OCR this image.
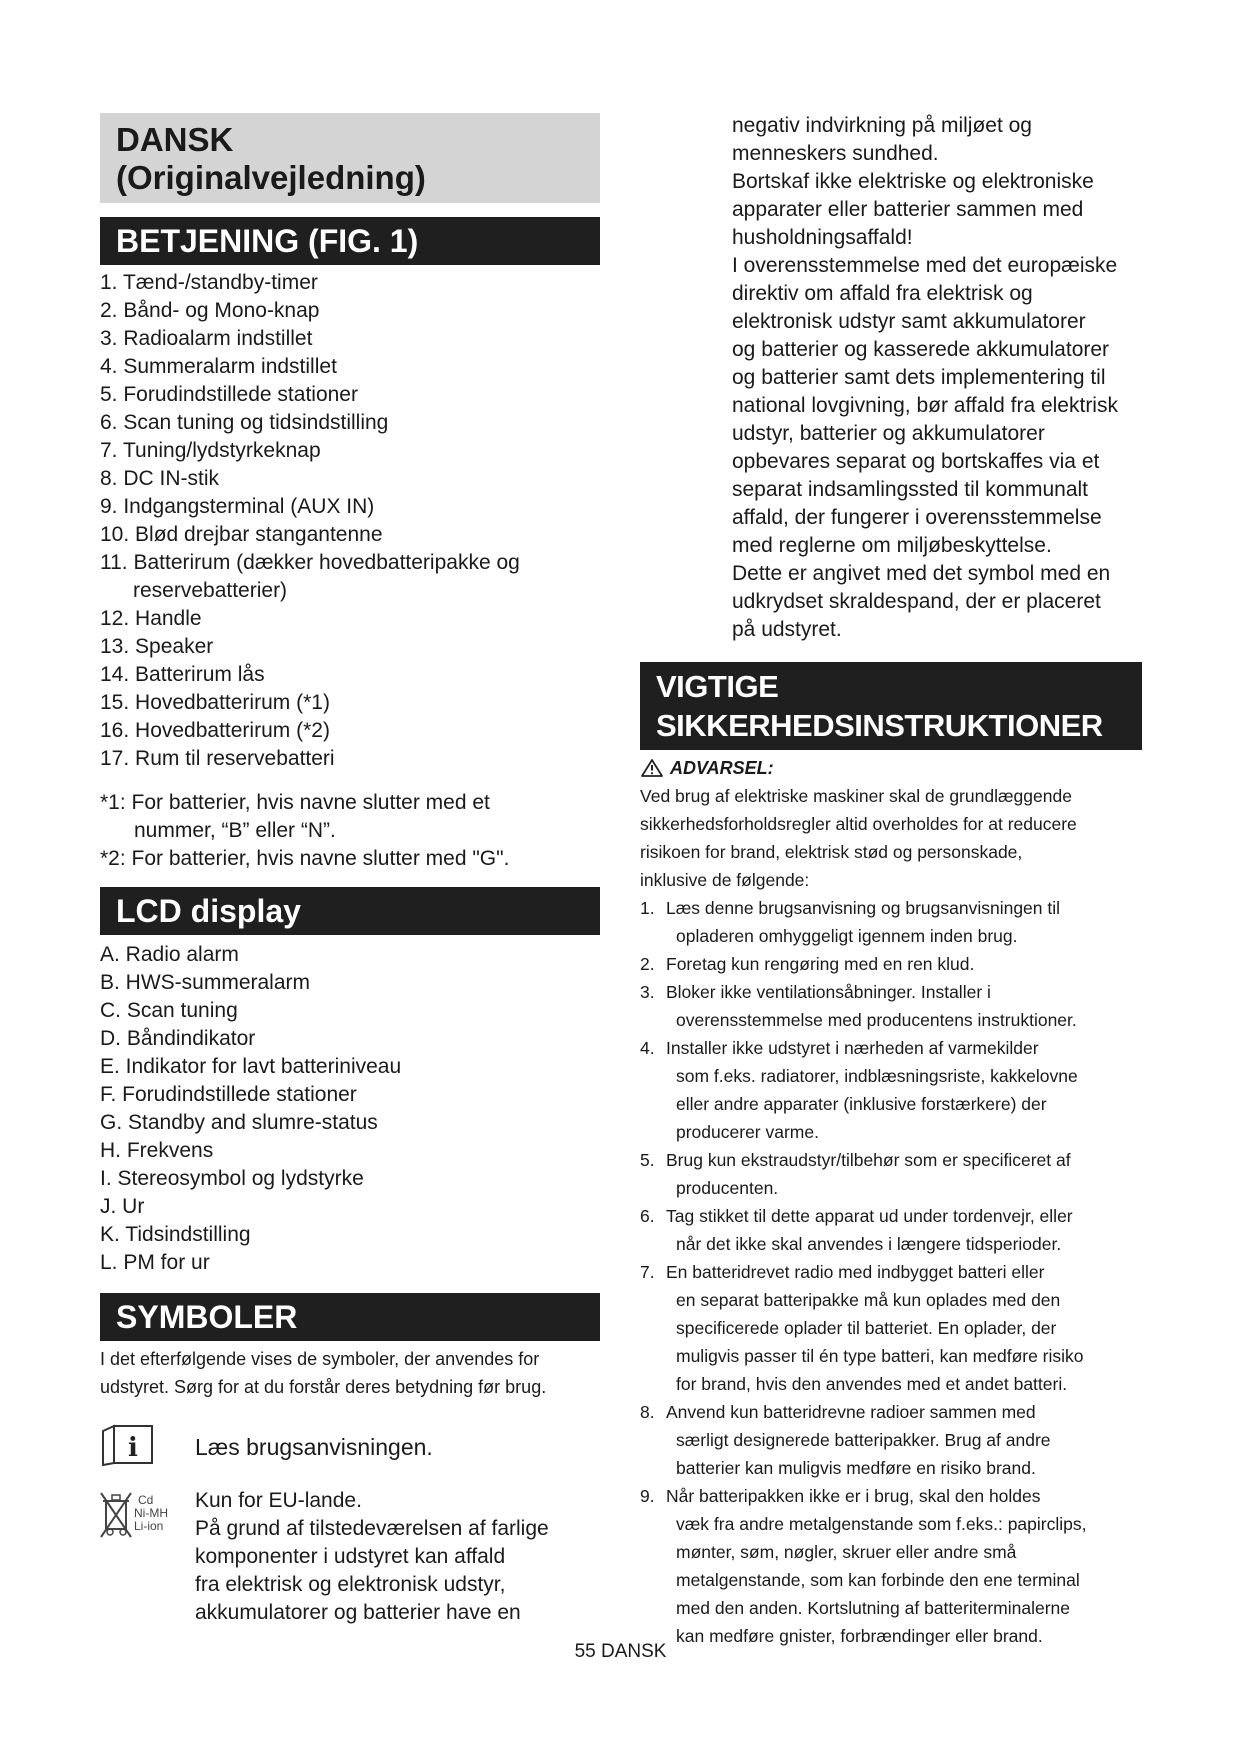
DANSK
(Originalvejledning)
BETJENING (FIG. 1)
1. Tænd-/standby-timer
2. Bånd- og Mono-knap
3. Radioalarm indstillet
4. Summeralarm indstillet
5. Forudindstillede stationer
6. Scan tuning og tidsindstilling
7. Tuning/lydstyrkeknap
8. DC IN-stik
9. Indgangsterminal (AUX IN)
10. Blød drejbar stangantenne
11. Batterirum (dækker hovedbatteripakke og
reservebatterier)
12. Handle
13. Speaker
14. Batterirum lås
15. Hovedbatterirum (*1)
16. Hovedbatterirum (*2)
17. Rum til reservebatteri
*1: For batterier, hvis navne slutter med et
nummer, “B” eller “N”.
*2: For batterier, hvis navne slutter med "G".
LCD display
A. Radio alarm
B. HWS-summeralarm
C. Scan tuning
D. Båndindikator
E. Indikator for lavt batteriniveau
F. Forudindstillede stationer
G. Standby and slumre-status
H. Frekvens
I. Stereosymbol og lydstyrke
J. Ur
K. Tidsindstilling
L. PM for ur
SYMBOLER
I det efterfølgende vises de symboler, der anvendes for
udstyret. Sørg for at du forstår deres betydning før brug.
i Læs brugsanvisningen.
Cd
Ni-MH
Li-ion
Kun for EU-lande.
På grund af tilstedeværelsen af farlige
komponenter i udstyret kan affald
fra elektrisk og elektronisk udstyr,
akkumulatorer og batterier have en
negativ indvirkning på miljøet og
menneskers sundhed.
Bortskaf ikke elektriske og elektroniske
apparater eller batterier sammen med
husholdningsaffald!
I overensstemmelse med det europæiske
direktiv om affald fra elektrisk og
elektronisk udstyr samt akkumulatorer
og batterier og kasserede akkumulatorer
og batterier samt dets implementering til
national lovgivning, bør affald fra elektrisk
udstyr, batterier og akkumulatorer
opbevares separat og bortskaffes via et
separat indsamlingssted til kommunalt
affald, der fungerer i overensstemmelse
med reglerne om miljøbeskyttelse.
Dette er angivet med det symbol med en
udkrydset skraldespand, der er placeret
på udstyret.
VIGTIGE
SIKKERHEDSINSTRUKTIONER
ADVARSEL:
Ved brug af elektriske maskiner skal de grundlæggende
sikkerhedsforholdsregler altid overholdes for at reducere
risikoen for brand, elektrisk stød og personskade,
inklusive de følgende:
1. Læs denne brugsanvisning og brugsanvisningen til
opladeren omhyggeligt igennem inden brug.
2. Foretag kun rengøring med en ren klud.
3. Bloker ikke ventilationsåbninger. Installer i
overensstemmelse med producentens instruktioner.
4. Installer ikke udstyret i nærheden af varmekilder
som f.eks. radiatorer, indblæsningsriste, kakkelovne
eller andre apparater (inklusive forstærkere) der
producerer varme.
5. Brug kun ekstraudstyr/tilbehør som er specificeret af
producenten.
6. Tag stikket til dette apparat ud under tordenvejr, eller
når det ikke skal anvendes i længere tidsperioder.
7. En batteridrevet radio med indbygget batteri eller
en separat batteripakke må kun oplades med den
specificerede oplader til batteriet. En oplader, der
muligvis passer til én type batteri, kan medføre risiko
for brand, hvis den anvendes med et andet batteri.
8. Anvend kun batteridrevne radioer sammen med
særligt designerede batteripakker. Brug af andre
batterier kan muligvis medføre en risiko brand.
9. Når batteripakken ikke er i brug, skal den holdes
væk fra andre metalgenstande som f.eks.: papirclips,
mønter, søm, nøgler, skruer eller andre små
metalgenstande, som kan forbinde den ene terminal
med den anden. Kortslutning af batteriterminalerne
kan medføre gnister, forbrændinger eller brand.
55 DANSK
